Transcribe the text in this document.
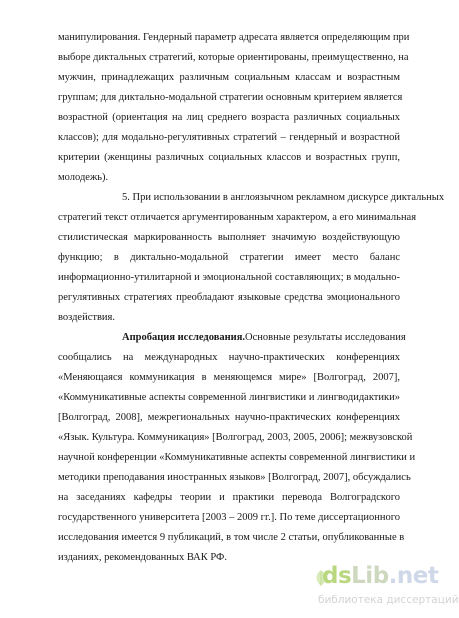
манипулирования. Гендерный параметр адресата является определяющим при
выборе диктальных стратегий, которые ориентированы, преимущественно, на
мужчин, принадлежащих различным социальным классам и возрастным
группам; для диктально-модальной стратегии основным критерием является
возрастной (ориентация на лиц среднего возраста различных социальных
классов); для модально-регулятивных стратегий – гендерный и возрастной
критерии (женщины различных социальных классов и возрастных групп,
молодежь).
5. При использовании в англоязычном рекламном дискурсе диктальных
стратегий текст отличается аргументированным характером, а его минимальная
стилистическая маркированность выполняет значимую воздействующую
функцию; в диктально-модальной стратегии имеет место баланс
информационно-утилитарной и эмоциональной составляющих; в модально-
регулятивных стратегиях преобладают языковые средства эмоционального
воздействия.
Апробация исследования. Основные результаты исследования
сообщались на международных научно-практических конференциях
«Меняющаяся коммуникация в меняющемся мире» [Волгоград, 2007],
«Коммуникативные аспекты современной лингвистики и лингводидактики»
[Волгоград, 2008], межрегиональных научно-практических конференциях
«Язык. Культура. Коммуникация» [Волгоград, 2003, 2005, 2006]; межвузовской
научной конференции «Коммуникативные аспекты современной лингвистики и
методики преподавания иностранных языков» [Волгоград, 2007], обсуждались
на заседаниях кафедры теории и практики перевода Волгоградского
государственного университета [2003 – 2009 гг.]. По теме диссертационного
исследования имеется 9 публикаций, в том числе 2 статьи, опубликованные в
изданиях, рекомендованных ВАК РФ.
dsLib.net
библиотека диссертаций
